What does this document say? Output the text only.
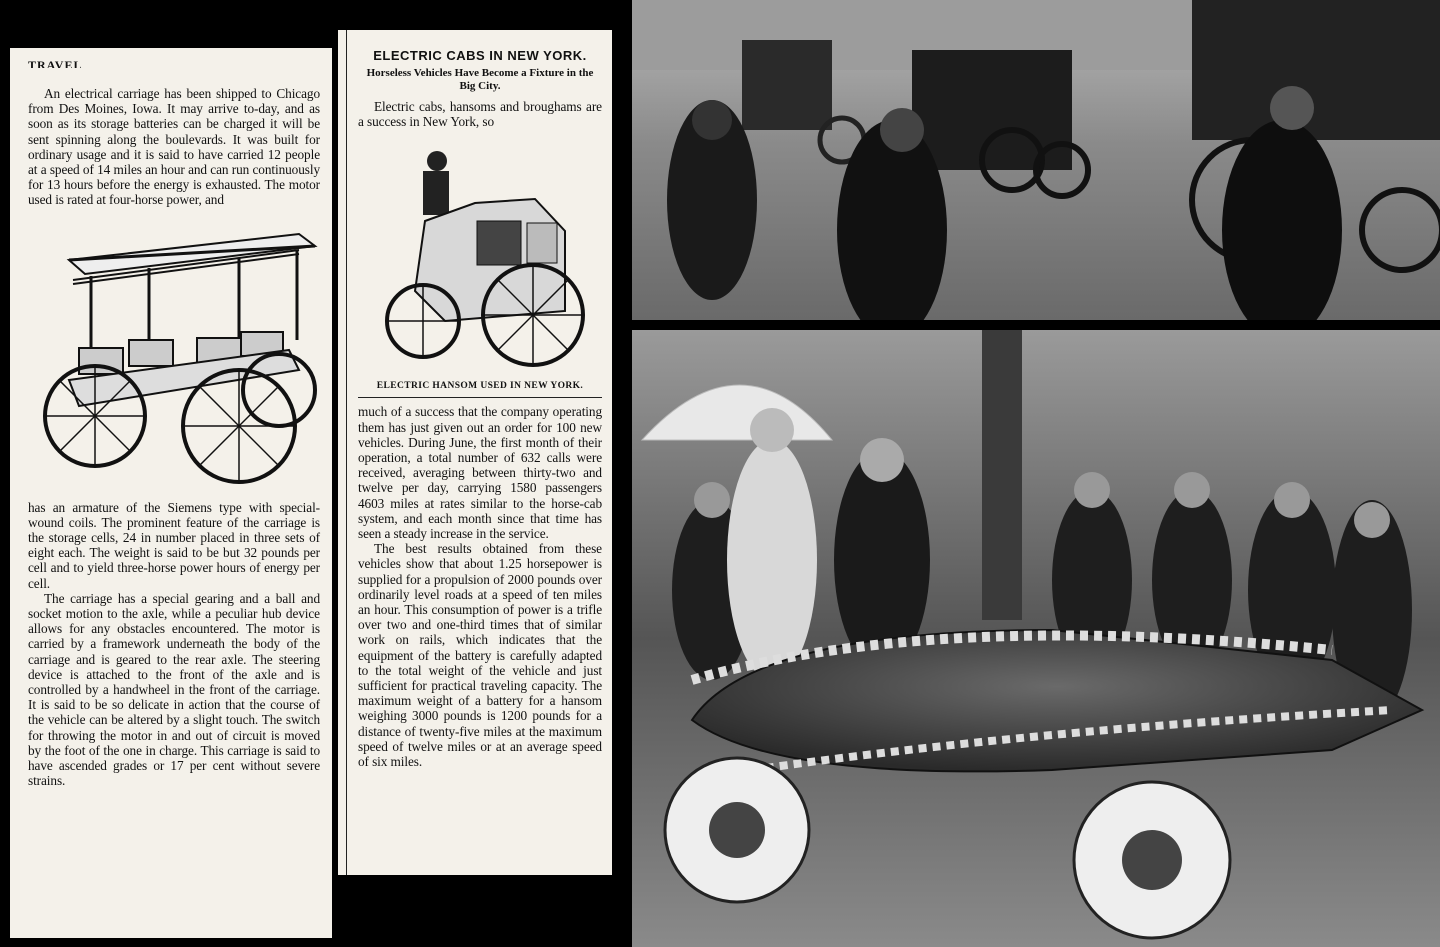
TRAVEL

An electrical carriage has been shipped to Chicago from Des Moines, Iowa. It may arrive to-day, and as soon as its storage batteries can be charged it will be sent spinning along the boulevards. It was built for ordinary usage and it is said to have carried 12 people at a speed of 14 miles an hour and can run continuously for 13 hours before the energy is exhausted. The motor used is rated at four-horse power, and

has an armature of the Siemens type with special-wound coils. The prominent feature of the carriage is the storage cells, 24 in number placed in three sets of eight each. The weight is said to be but 32 pounds per cell and to yield three-horse power hours of energy per cell.

The carriage has a special gearing and a ball and socket motion to the axle, while a peculiar hub device allows for any obstacles encountered. The motor is carried by a framework underneath the body of the carriage and is geared to the rear axle. The steering device is attached to the front of the axle and is controlled by a handwheel in the front of the carriage. It is said to be so delicate in action that the course of the vehicle can be altered by a slight touch. The switch for throwing the motor in and out of circuit is moved by the foot of the one in charge. This carriage is said to have ascended grades or 17 per cent without severe strains.

ELECTRIC CABS IN NEW YORK.
Horseless Vehicles Have Become a Fixture in the Big City.

Electric cabs, hansoms and broughams are a success in New York, so

ELECTRIC HANSOM USED IN NEW YORK.

much of a success that the company operating them has just given out an order for 100 new vehicles. During June, the first month of their operation, a total number of 632 calls were received, averaging between thirty-two and twelve per day, carrying 1580 passengers 4603 miles at rates similar to the horse-cab system, and each month since that time has seen a steady increase in the service.

The best results obtained from these vehicles show that about 1.25 horsepower is supplied for a propulsion of 2000 pounds over ordinarily level roads at a speed of ten miles an hour. This consumption of power is a trifle over two and one-third times that of similar work on rails, which indicates that the equipment of the battery is carefully adapted to the total weight of the vehicle and just sufficient for practical traveling capacity. The maximum weight of a battery for a hansom weighing 3000 pounds is 1200 pounds for a distance of twenty-five miles at the maximum speed of twelve miles or at an average speed of six miles.
